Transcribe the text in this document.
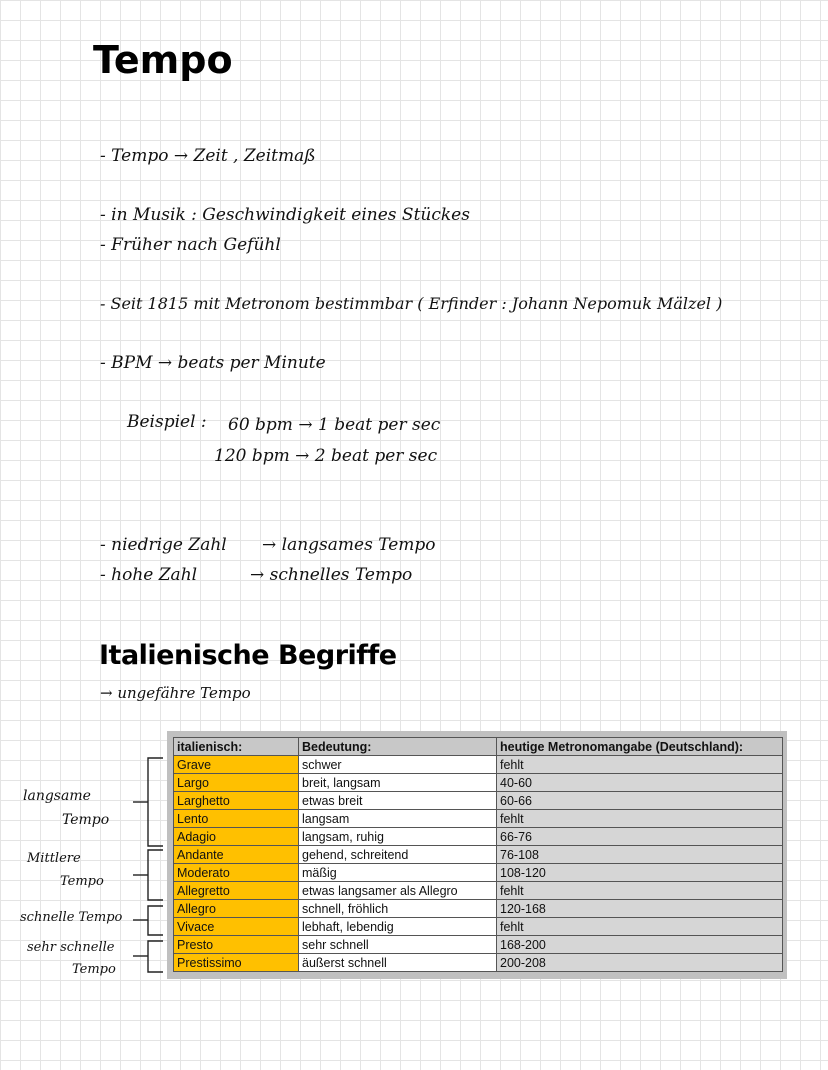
Tempo
- Tempo → Zeit , Zeitmaß
- in Musik : Geschwindigkeit eines Stückes
- Früher nach Gefühl
- Seit 1815 mit Metronom bestimmbar ( Erfinder : Johann Nepomuk Mälzel )
- BPM → beats per Minute
Beispiel : 60 bpm → 1 beat per sec
120 bpm → 2 beat per sec
- niedrige Zahl → langsames Tempo
- hohe Zahl	→ schnelles Tempo
Italienische Begriffe
→ ungefähre Tempo
langsame
Tempo
Mittlere
Tempo
schnelle Tempo
sehr schnelle
Tempo
italienisch:	Bedeutung:	heutige Metronomangabe (Deutschland):
Grave	schwer	fehlt
Largo	breit, langsam	40-60
Larghetto	etwas breit	60-66
Lento	langsam	fehlt
Adagio	langsam, ruhig	66-76
Andante	gehend, schreitend	76-108
Moderato	mäßig	108-120
Allegretto	etwas langsamer als Allegro	fehlt
Allegro	schnell, fröhlich	120-168
Vivace	lebhaft, lebendig	fehlt
Presto	sehr schnell	168-200
Prestissimo	äußerst schnell	200-208
